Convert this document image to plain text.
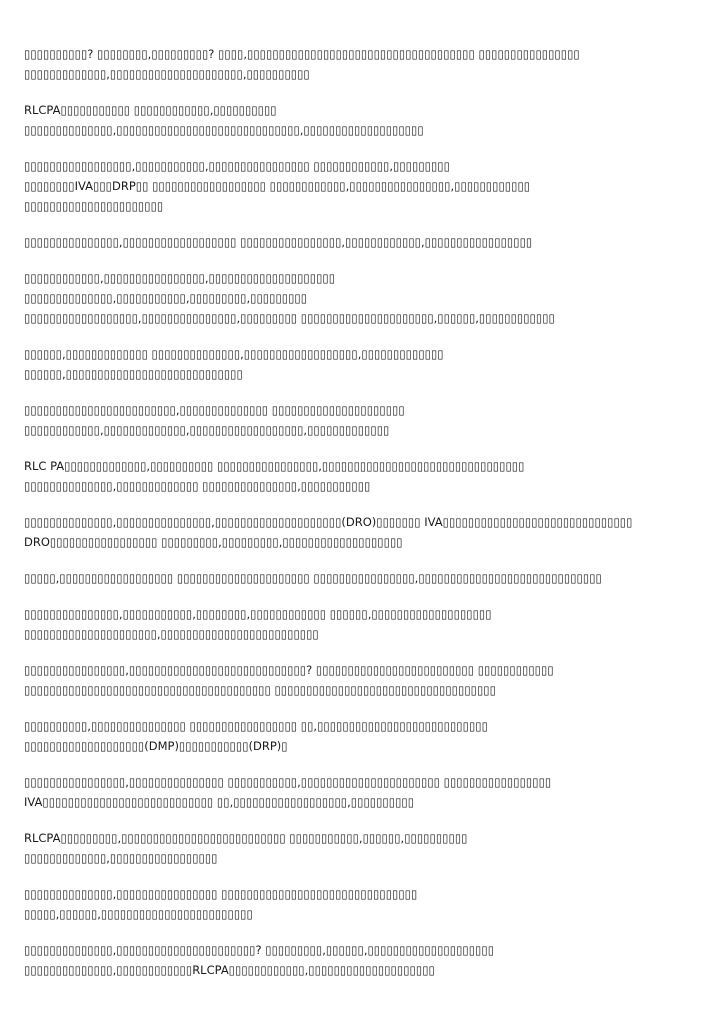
▯▯▯▯▯▯▯▯▯▯? ▯▯▯▯▯▯▯▯,▯▯▯▯▯▯▯▯▯? ▯▯▯▯,▯▯▯▯▯▯▯▯▯▯▯▯▯▯▯▯▯▯▯▯▯▯▯▯▯▯▯▯▯▯▯▯▯▯▯▯ ▯▯▯▯▯▯▯▯▯▯▯▯▯▯▯▯
▯▯▯▯▯▯▯▯▯▯▯▯▯,▯▯▯▯▯▯▯▯▯▯▯▯▯▯▯▯▯▯▯▯▯,▯▯▯▯▯▯▯▯▯▯

RLCPA▯▯▯▯▯▯▯▯▯▯▯ ▯▯▯▯▯▯▯▯▯▯▯▯,▯▯▯▯▯▯▯▯▯▯
▯▯▯▯▯▯▯▯▯▯▯▯▯▯,▯▯▯▯▯▯▯▯▯▯▯▯▯▯▯▯▯▯▯▯▯▯▯▯▯▯▯▯▯,▯▯▯▯▯▯▯▯▯▯▯▯▯▯▯▯▯▯▯

▯▯▯▯▯▯▯▯▯▯▯▯▯▯▯▯▯,▯▯▯▯▯▯▯▯▯▯▯,▯▯▯▯▯▯▯▯▯▯▯▯▯▯▯▯ ▯▯▯▯▯▯▯▯▯▯▯▯,▯▯▯▯▯▯▯▯▯
▯▯▯▯▯▯▯▯IVA▯▯▯DRP▯▯ ▯▯▯▯▯▯▯▯▯▯▯▯▯▯▯▯▯▯ ▯▯▯▯▯▯▯▯▯▯▯▯,▯▯▯▯▯▯▯▯▯▯▯▯▯▯▯▯,▯▯▯▯▯▯▯▯▯▯▯▯
▯▯▯▯▯▯▯▯▯▯▯▯▯▯▯▯▯▯▯▯▯▯

▯▯▯▯▯▯▯▯▯▯▯▯▯▯▯,▯▯▯▯▯▯▯▯▯▯▯▯▯▯▯▯▯▯ ▯▯▯▯▯▯▯▯▯▯▯▯▯▯▯▯,▯▯▯▯▯▯▯▯▯▯▯▯,▯▯▯▯▯▯▯▯▯▯▯▯▯▯▯▯▯

▯▯▯▯▯▯▯▯▯▯▯▯,▯▯▯▯▯▯▯▯▯▯▯▯▯▯▯▯,▯▯▯▯▯▯▯▯▯▯▯▯▯▯▯▯▯▯▯▯
▯▯▯▯▯▯▯▯▯▯▯▯▯▯,▯▯▯▯▯▯▯▯▯▯▯,▯▯▯▯▯▯▯▯▯,▯▯▯▯▯▯▯▯▯
▯▯▯▯▯▯▯▯▯▯▯▯▯▯▯▯▯▯,▯▯▯▯▯▯▯▯▯▯▯▯▯▯▯,▯▯▯▯▯▯▯▯▯ ▯▯▯▯▯▯▯▯▯▯▯▯▯▯▯▯▯▯▯▯▯,▯▯▯▯▯▯,▯▯▯▯▯▯▯▯▯▯▯▯

▯▯▯▯▯▯,▯▯▯▯▯▯▯▯▯▯▯▯▯ ▯▯▯▯▯▯▯▯▯▯▯▯▯▯,▯▯▯▯▯▯▯▯▯▯▯▯▯▯▯▯▯▯,▯▯▯▯▯▯▯▯▯▯▯▯▯
▯▯▯▯▯▯,▯▯▯▯▯▯▯▯▯▯▯▯▯▯▯▯▯▯▯▯▯▯▯▯▯▯▯▯

▯▯▯▯▯▯▯▯▯▯▯▯▯▯▯▯▯▯▯▯▯▯▯▯,▯▯▯▯▯▯▯▯▯▯▯▯▯▯ ▯▯▯▯▯▯▯▯▯▯▯▯▯▯▯▯▯▯▯▯▯
▯▯▯▯▯▯▯▯▯▯▯▯,▯▯▯▯▯▯▯▯▯▯▯▯▯,▯▯▯▯▯▯▯▯▯▯▯▯▯▯▯▯▯▯,▯▯▯▯▯▯▯▯▯▯▯▯▯

RLC PA▯▯▯▯▯▯▯▯▯▯▯▯▯,▯▯▯▯▯▯▯▯▯▯ ▯▯▯▯▯▯▯▯▯▯▯▯▯▯▯▯,▯▯▯▯▯▯▯▯▯▯▯▯▯▯▯▯▯▯▯▯▯▯▯▯▯▯▯▯▯▯▯▯
▯▯▯▯▯▯▯▯▯▯▯▯▯▯,▯▯▯▯▯▯▯▯▯▯▯▯▯ ▯▯▯▯▯▯▯▯▯▯▯▯▯▯▯,▯▯▯▯▯▯▯▯▯▯▯

▯▯▯▯▯▯▯▯▯▯▯▯▯▯,▯▯▯▯▯▯▯▯▯▯▯▯▯▯▯,▯▯▯▯▯▯▯▯▯▯▯▯▯▯▯▯▯▯▯▯(DRO)▯▯▯▯▯▯▯ IVA▯▯▯▯▯▯▯▯▯▯▯▯▯▯▯▯▯▯▯▯▯▯▯▯▯▯▯▯▯▯
DRO▯▯▯▯▯▯▯▯▯▯▯▯▯▯▯▯▯ ▯▯▯▯▯▯▯▯▯,▯▯▯▯▯▯▯▯▯,▯▯▯▯▯▯▯▯▯▯▯▯▯▯▯▯▯▯▯

▯▯▯▯▯,▯▯▯▯▯▯▯▯▯▯▯▯▯▯▯▯▯▯ ▯▯▯▯▯▯▯▯▯▯▯▯▯▯▯▯▯▯▯▯▯ ▯▯▯▯▯▯▯▯▯▯▯▯▯▯▯▯,▯▯▯▯▯▯▯▯▯▯▯▯▯▯▯▯▯▯▯▯▯▯▯▯▯▯▯▯▯

▯▯▯▯▯▯▯▯▯▯▯▯▯▯▯,▯▯▯▯▯▯▯▯▯▯▯,▯▯▯▯▯▯▯▯,▯▯▯▯▯▯▯▯▯▯▯▯ ▯▯▯▯▯▯,▯▯▯▯▯▯▯▯▯▯▯▯▯▯▯▯▯▯▯
▯▯▯▯▯▯▯▯▯▯▯▯▯▯▯▯▯▯▯▯▯,▯▯▯▯▯▯▯▯▯▯▯▯▯▯▯▯▯▯▯▯▯▯▯▯▯

▯▯▯▯▯▯▯▯▯▯▯▯▯▯▯▯,▯▯▯▯▯▯▯▯▯▯▯▯▯▯▯▯▯▯▯▯▯▯▯▯▯▯▯▯? ▯▯▯▯▯▯▯▯▯▯▯▯▯▯▯▯▯▯▯▯▯▯▯▯▯ ▯▯▯▯▯▯▯▯▯▯▯▯
▯▯▯▯▯▯▯▯▯▯▯▯▯▯▯▯▯▯▯▯▯▯▯▯▯▯▯▯▯▯▯▯▯▯▯▯▯▯▯ ▯▯▯▯▯▯▯▯▯▯▯▯▯▯▯▯▯▯▯▯▯▯▯▯▯▯▯▯▯▯▯▯▯▯▯

▯▯▯▯▯▯▯▯▯▯,▯▯▯▯▯▯▯▯▯▯▯▯▯▯▯ ▯▯▯▯▯▯▯▯▯▯▯▯▯▯▯▯▯ ▯▯,▯▯▯▯▯▯▯▯▯▯▯▯▯▯▯▯▯▯▯▯▯▯▯▯▯▯▯
▯▯▯▯▯▯▯▯▯▯▯▯▯▯▯▯▯▯▯(DMP)▯▯▯▯▯▯▯▯▯▯▯(DRP)▯

▯▯▯▯▯▯▯▯▯▯▯▯▯▯▯▯,▯▯▯▯▯▯▯▯▯▯▯▯▯▯▯ ▯▯▯▯▯▯▯▯▯▯▯,▯▯▯▯▯▯▯▯▯▯▯▯▯▯▯▯▯▯▯▯▯▯ ▯▯▯▯▯▯▯▯▯▯▯▯▯▯▯▯▯
IVA▯▯▯▯▯▯▯▯▯▯▯▯▯▯▯▯▯▯▯▯▯▯▯▯▯▯▯ ▯▯,▯▯▯▯▯▯▯▯▯▯▯▯▯▯▯▯▯▯,▯▯▯▯▯▯▯▯▯▯

RLCPA▯▯▯▯▯▯▯▯▯,▯▯▯▯▯▯▯▯▯▯▯▯▯▯▯▯▯▯▯▯▯▯▯▯▯▯ ▯▯▯▯▯▯▯▯▯▯▯,▯▯▯▯▯▯,▯▯▯▯▯▯▯▯▯▯
▯▯▯▯▯▯▯▯▯▯▯▯▯,▯▯▯▯▯▯▯▯▯▯▯▯▯▯▯▯▯

▯▯▯▯▯▯▯▯▯▯▯▯▯▯,▯▯▯▯▯▯▯▯▯▯▯▯▯▯▯▯ ▯▯▯▯▯▯▯▯▯▯▯▯▯▯▯▯▯▯▯▯▯▯▯▯▯▯▯▯▯▯▯
▯▯▯▯▯,▯▯▯▯▯▯,▯▯▯▯▯▯▯▯▯▯▯▯▯▯▯▯▯▯▯▯▯▯▯▯

▯▯▯▯▯▯▯▯▯▯▯▯▯▯,▯▯▯▯▯▯▯▯▯▯▯▯▯▯▯▯▯▯▯▯▯▯? ▯▯▯▯▯▯▯▯▯,▯▯▯▯▯▯,▯▯▯▯▯▯▯▯▯▯▯▯▯▯▯▯▯▯▯▯
▯▯▯▯▯▯▯▯▯▯▯▯▯▯,▯▯▯▯▯▯▯▯▯▯▯▯RLCPA▯▯▯▯▯▯▯▯▯▯▯▯,▯▯▯▯▯▯▯▯▯▯▯▯▯▯▯▯▯▯▯▯
